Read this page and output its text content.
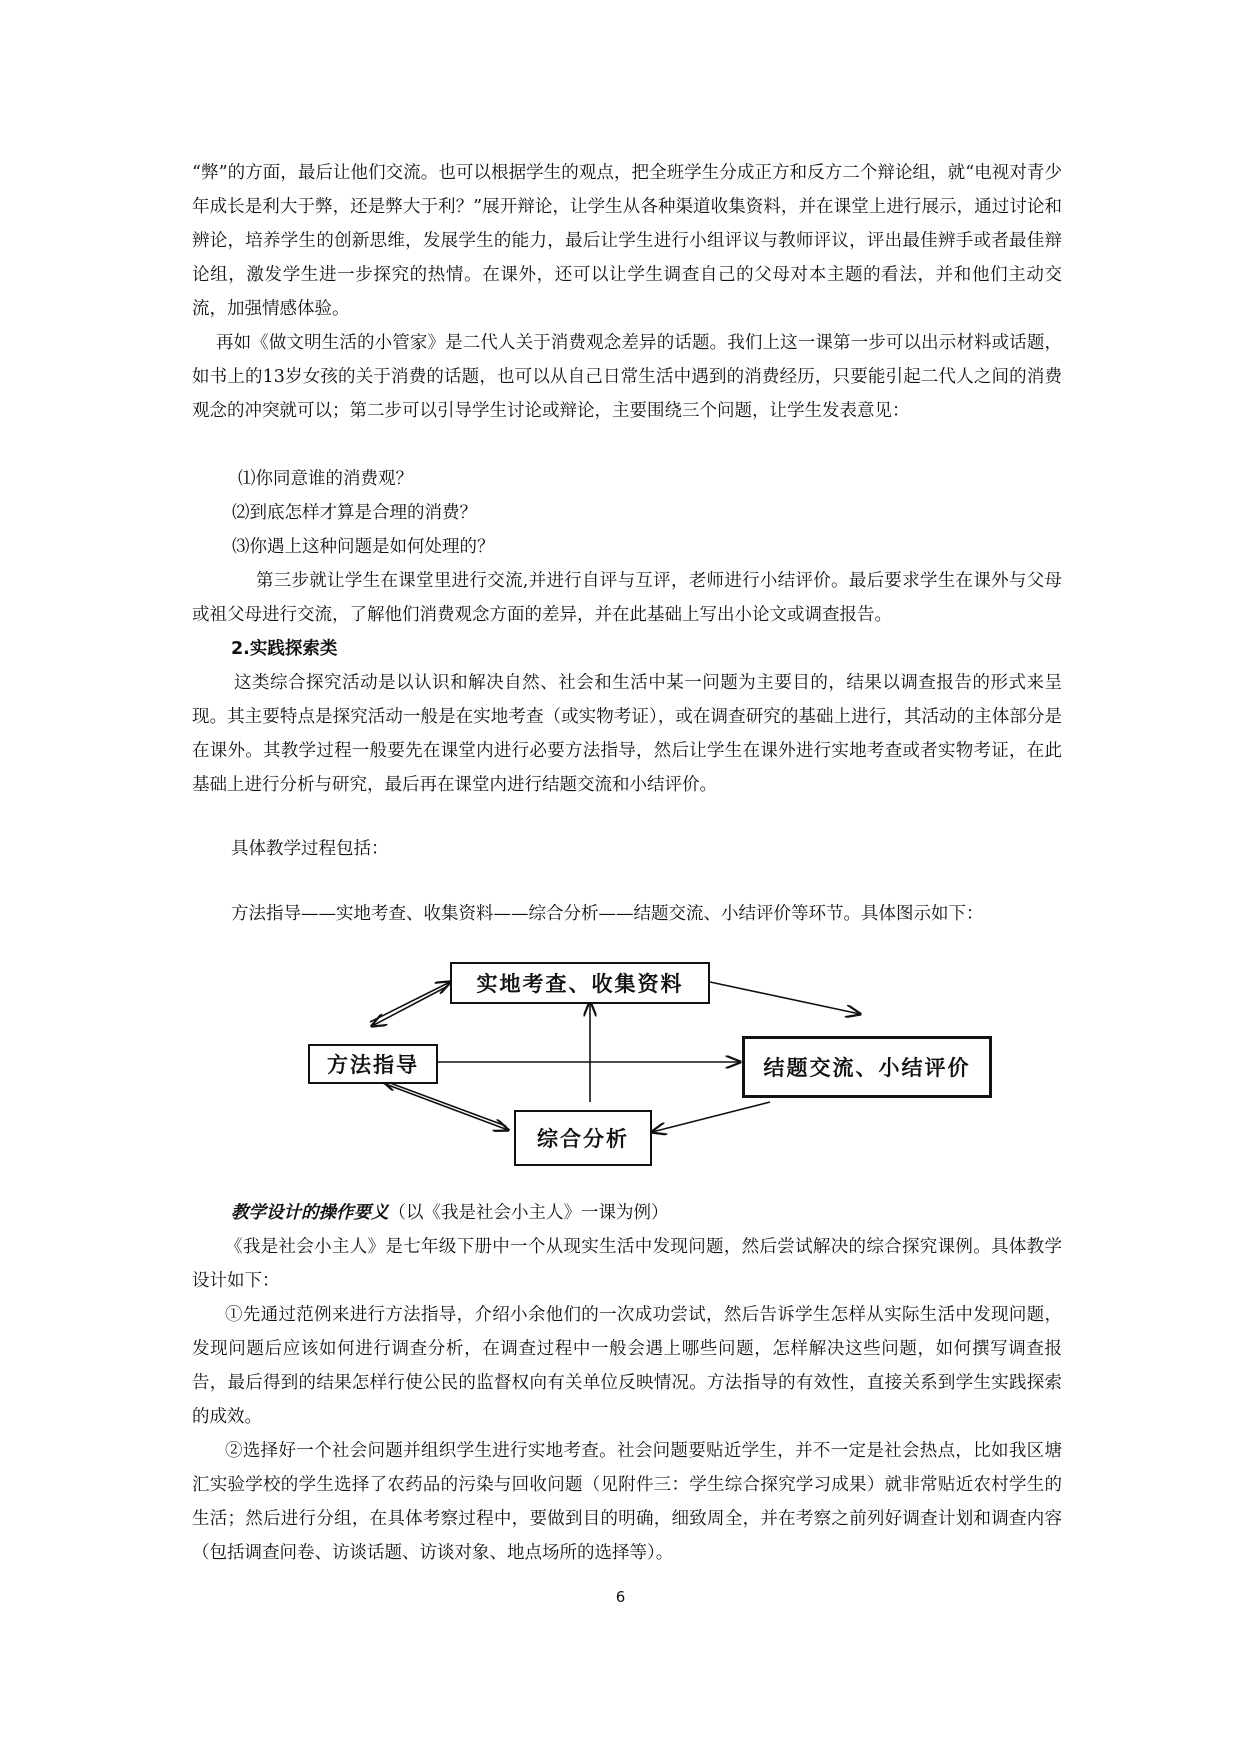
“弊”的方面，最后让他们交流。也可以根据学生的观点，把全班学生分成正方和反方二个辩论组，就“电视对青少年成长是利大于弊，还是弊大于利？”展开辩论，让学生从各种渠道收集资料，并在课堂上进行展示，通过讨论和辨论，培养学生的创新思维，发展学生的能力，最后让学生进行小组评议与教师评议，评出最佳辨手或者最佳辩论组，激发学生进一步探究的热情。在课外，还可以让学生调查自己的父母对本主题的看法，并和他们主动交流，加强情感体验。

再如《做文明生活的小管家》是二代人关于消费观念差异的话题。我们上这一课第一步可以出示材料或话题，如书上的13岁女孩的关于消费的话题，也可以从自己日常生活中遇到的消费经历，只要能引起二代人之间的消费观念的冲突就可以；第二步可以引导学生讨论或辩论，主要围绕三个问题，让学生发表意见：

⑴你同意谁的消费观？

⑵到底怎样才算是合理的消费？

⑶你遇上这种问题是如何处理的？

第三步就让学生在课堂里进行交流,并进行自评与互评，老师进行小结评价。最后要求学生在课外与父母或祖父母进行交流，了解他们消费观念方面的差异，并在此基础上写出小论文或调查报告。

2.实践探索类

这类综合探究活动是以认识和解决自然、社会和生活中某一问题为主要目的，结果以调查报告的形式来呈现。其主要特点是探究活动一般是在实地考查（或实物考证），或在调查研究的基础上进行，其活动的主体部分是在课外。其教学过程一般要先在课堂内进行必要方法指导，然后让学生在课外进行实地考查或者实物考证，在此基础上进行分析与研究，最后再在课堂内进行结题交流和小结评价。

具体教学过程包括：

方法指导——实地考查、收集资料——综合分析——结题交流、小结评价等环节。具体图示如下：

方法指导
实地考查、收集资料
结题交流、小结评价
综合分析

教学设计的操作要义（以《我是社会小主人》一课为例）

《我是社会小主人》是七年级下册中一个从现实生活中发现问题，然后尝试解决的综合探究课例。具体教学设计如下：

①先通过范例来进行方法指导，介绍小余他们的一次成功尝试，然后告诉学生怎样从实际生活中发现问题，发现问题后应该如何进行调查分析，在调查过程中一般会遇上哪些问题，怎样解决这些问题，如何撰写调查报告，最后得到的结果怎样行使公民的监督权向有关单位反映情况。方法指导的有效性，直接关系到学生实践探索的成效。

②选择好一个社会问题并组织学生进行实地考查。社会问题要贴近学生，并不一定是社会热点，比如我区塘汇实验学校的学生选择了农药品的污染与回收问题（见附件三：学生综合探究学习成果）就非常贴近农村学生的生活；然后进行分组，在具体考察过程中，要做到目的明确，细致周全，并在考察之前列好调查计划和调查内容（包括调查问卷、访谈话题、访谈对象、地点场所的选择等）。

6
